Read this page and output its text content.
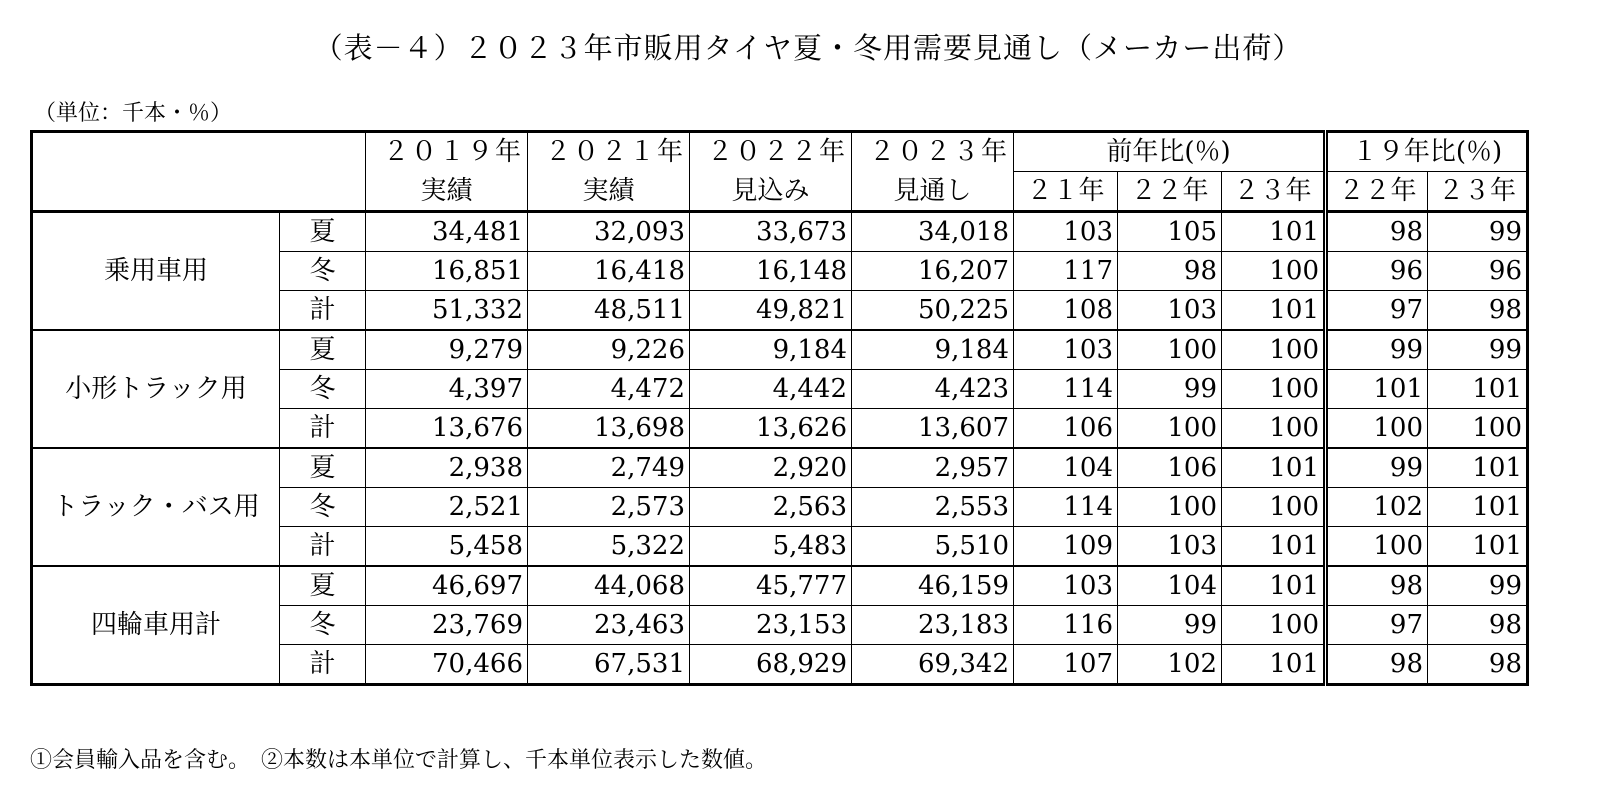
（表－４）２０２３年市販用タイヤ夏・冬用需要見通し（メーカー出荷）
（単位：千本・％）
		２０１９年	２０２１年	２０２２年	２０２３年	前年比(％)			１９年比(％)	
		実績	実績	見込み	見通し	２１年	２２年	２３年	２２年	２３年
乗用車用	夏	34,481	32,093	33,673	34,018	103	105	101	98	99
	冬	16,851	16,418	16,148	16,207	117	98	100	96	96
	計	51,332	48,511	49,821	50,225	108	103	101	97	98
小形トラック用	夏	9,279	9,226	9,184	9,184	103	100	100	99	99
	冬	4,397	4,472	4,442	4,423	114	99	100	101	101
	計	13,676	13,698	13,626	13,607	106	100	100	100	100
トラック・バス用	夏	2,938	2,749	2,920	2,957	104	106	101	99	101
	冬	2,521	2,573	2,563	2,553	114	100	100	102	101
	計	5,458	5,322	5,483	5,510	109	103	101	100	101
四輪車用計	夏	46,697	44,068	45,777	46,159	103	104	101	98	99
	冬	23,769	23,463	23,153	23,183	116	99	100	97	98
	計	70,466	67,531	68,929	69,342	107	102	101	98	98
①会員輸入品を含む。　②本数は本単位で計算し、千本単位表示した数値。
